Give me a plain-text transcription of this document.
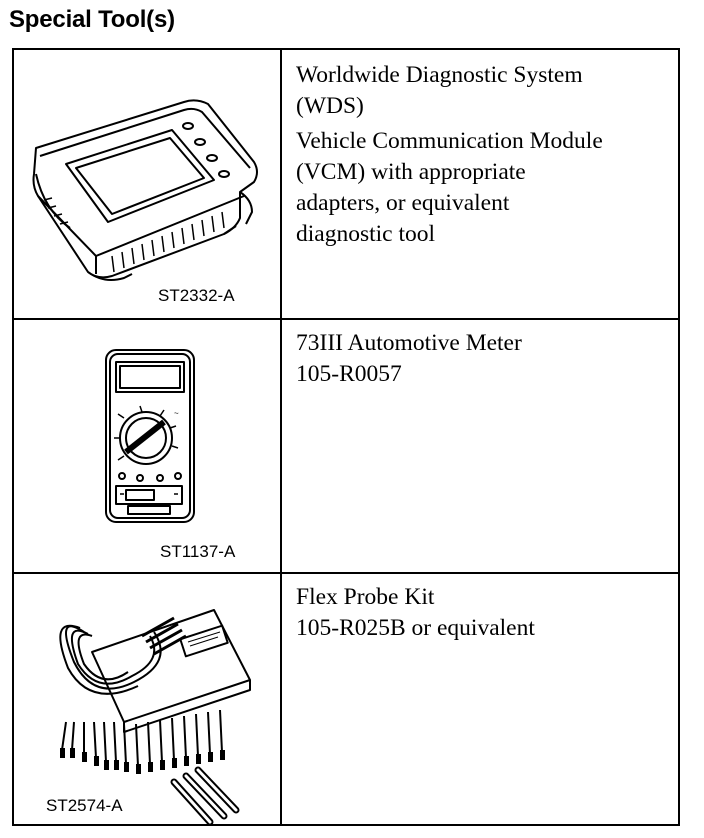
Special Tool(s)
ST2332-A
Worldwide Diagnostic System
(WDS)
Vehicle Communication Module
(VCM) with appropriate
adapters, or equivalent
diagnostic tool
~
ST1137-A
73III Automotive Meter
105-R0057
ST2574-A
Flex Probe Kit
105-R025B or equivalent
